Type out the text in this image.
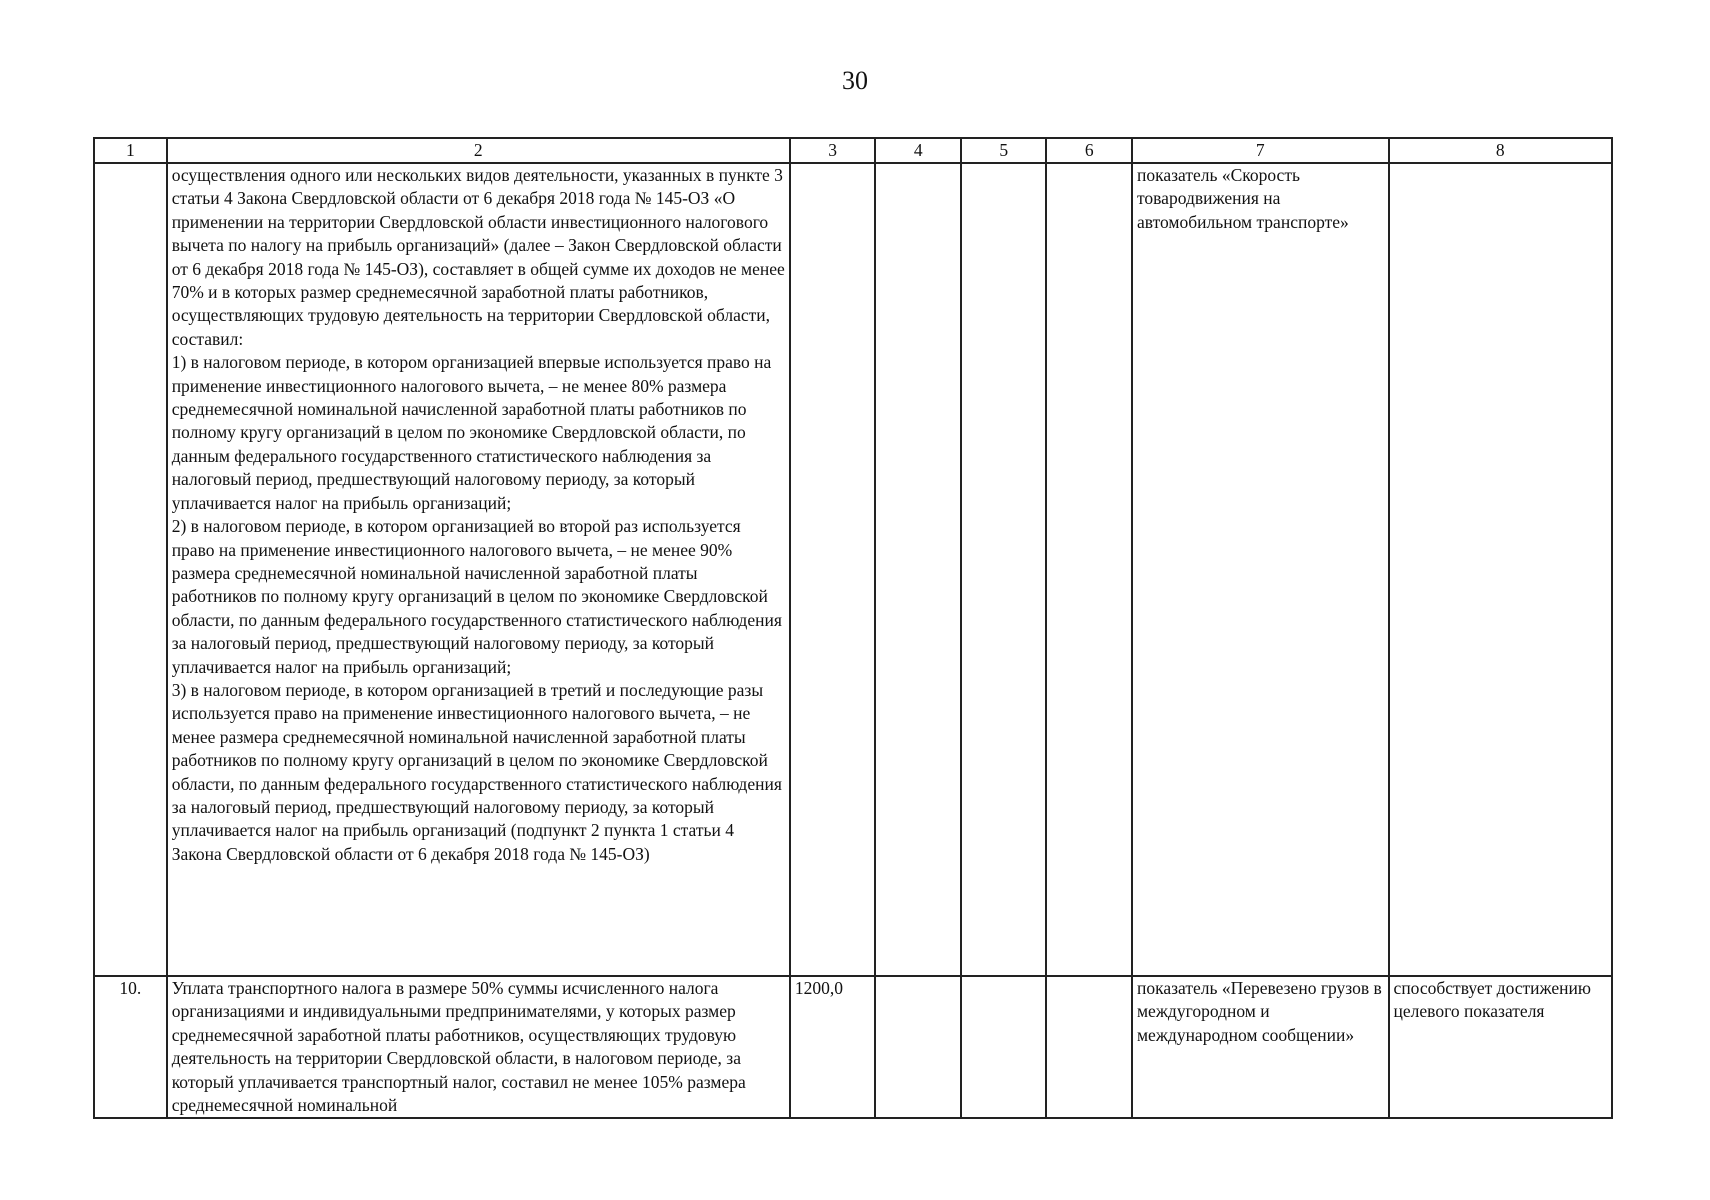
30
1	2	3	4	5	6	7	8

	осуществления одного или нескольких видов деятельности, указанных в пункте 3 статьи 4 Закона Свердловской области от 6 декабря 2018 года № 145-ОЗ «О применении на территории Свердловской области инвестиционного налогового вычета по налогу на прибыль организаций» (далее – Закон Свердловской области от 6 декабря 2018 года № 145-ОЗ), составляет в общей сумме их доходов не менее 70% и в которых размер среднемесячной заработной платы работников, осуществляющих трудовую деятельность на территории Свердловской области, составил:
1) в налоговом периоде, в котором организацией впервые используется право на применение инвестиционного налогового вычета, – не менее 80% размера среднемесячной номинальной начисленной заработной платы работников по полному кругу организаций в целом по экономике Свердловской области, по данным федерального государственного статистического наблюдения за налоговый период, предшествующий налоговому периоду, за который уплачивается налог на прибыль организаций;
2) в налоговом периоде, в котором организацией во второй раз используется право на применение инвестиционного налогового вычета, – не менее 90% размера среднемесячной номинальной начисленной заработной платы работников по полному кругу организаций в целом по экономике Свердловской области, по данным федерального государственного статистического наблюдения за налоговый период, предшествующий налоговому периоду, за который уплачивается налог на прибыль организаций;
3) в налоговом периоде, в котором организацией в третий и последующие разы используется право на применение инвестиционного налогового вычета, – не менее размера среднемесячной номинальной начисленной заработной платы работников по полному кругу организаций в целом по экономике Свердловской области, по данным федерального государственного статистического наблюдения за налоговый период, предшествующий налоговому периоду, за который уплачивается налог на прибыль организаций (подпункт 2 пункта 1 статьи 4 Закона Свердловской области от 6 декабря 2018 года № 145-ОЗ)					показатель «Скорость товародвижения на автомобильном транспорте»	
10.	Уплата транспортного налога в размере 50% суммы исчисленного налога организациями и индивидуальными предпринимателями, у которых размер среднемесячной заработной платы работников, осуществляющих трудовую деятельность на территории Свердловской области, в налоговом периоде, за который уплачивается транспортный налог, составил не менее 105% размера среднемесячной номинальной	1200,0				показатель «Перевезено грузов в междугородном и международном сообщении»	способствует достижению целевого показателя
